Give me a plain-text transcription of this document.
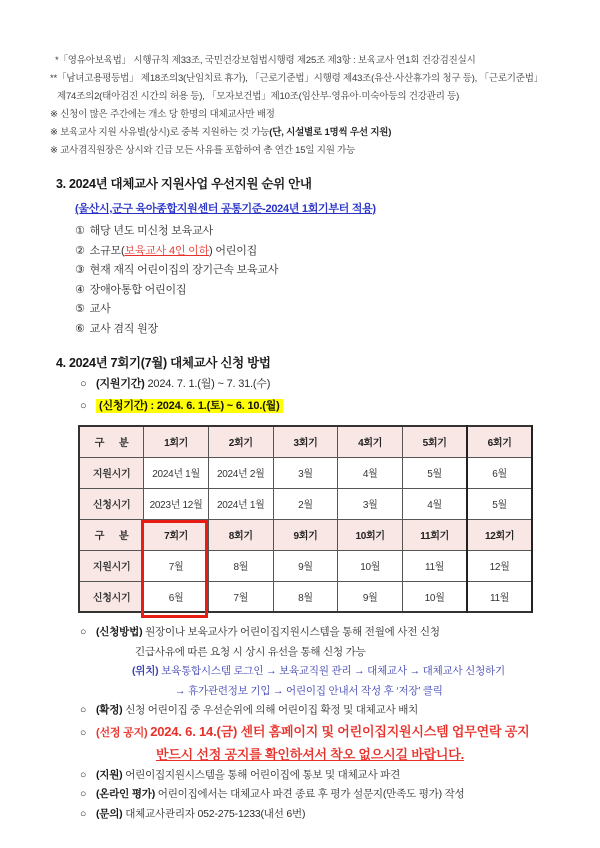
*「영유아보육법」 시행규칙 제33조, 국민건강보험법시행령 제25조 제3항 : 보육교사 연1회 건강검진실시
**「남녀고용평등법」 제18조의3(난임치료 휴가), 「근로기준법」시행령 제43조(유산·사산휴가의 청구 등), 「근로기준법」
제74조의2(태아검진 시간의 허용 등), 「모자보건법」제10조(임산부·영유아·미숙아등의 건강관리 등)
※ 신청이 많은 주간에는 개소 당 한명의 대체교사만 배정
※ 보육교사 지원 사유별(상시)로 중복 지원하는 것 가능(단, 시설별로 1명씩 우선 지원)
※ 교사겸직원장은 상시와 긴급 모든 사유를 포함하여 총 연간 15일 지원 가능
3. 2024년 대체교사 지원사업 우선지원 순위 안내
(울산시,군구 육아종합지원센터 공통기준-2024년 1회기부터 적용)
① 해당 년도 미신청 보육교사
② 소규모(보육교사 4인 이하) 어린이집
③ 현재 재직 어린이집의 장기근속 보육교사
④ 장애아통합 어린이집
⑤ 교사
⑥ 교사 겸직 원장
4. 2024년 7회기(7월) 대체교사 신청 방법
○ (지원기간) 2024. 7. 1.(월) ~ 7. 31.(수)
○ (신청기간) : 2024. 6. 1.(토) ~ 6. 10.(월)
구      분	1회기	2회기	3회기	4회기	5회기	6회기
지원시기	2024년 1월	2024년 2월	3월	4월	5월	6월
신청시기	2023년 12월	2024년 1월	2월	3월	4월	5월
구      분	7회기	8회기	9회기	10회기	11회기	12회기
지원시기	7월	8월	9월	10월	11월	12월
신청시기	6월	7월	8월	9월	10월	11월
○ (신청방법) 원장이나 보육교사가 어린이집지원시스템을 통해 전월에 사전 신청
긴급사유에 따른 요청 시 상시 유선을 통해 신청 가능
(위치) 보육통합시스템 로그인 → 보육교직원 관리 → 대체교사 → 대체교사 신청하기
→ 휴가관련정보 기입 → 어린이집 안내서 작성 후 ‘저장’ 클릭
○ (확정) 신청 어린이집 중 우선순위에 의해 어린이집 확정 및 대체교사 배치
○ (선정 공지) 2024. 6. 14.(금) 센터 홈페이지 및 어린이집지원시스템 업무연락 공지
반드시 선정 공지를 확인하셔서 착오 없으시길 바랍니다.
○ (지원) 어린이집지원시스템을 통해 어린이집에 통보 및 대체교사 파견
○ (온라인 평가) 어린이집에서는 대체교사 파견 종료 후 평가 설문지(만족도 평가) 작성
○ (문의) 대체교사관리자 052-275-1233(내선 6번)
